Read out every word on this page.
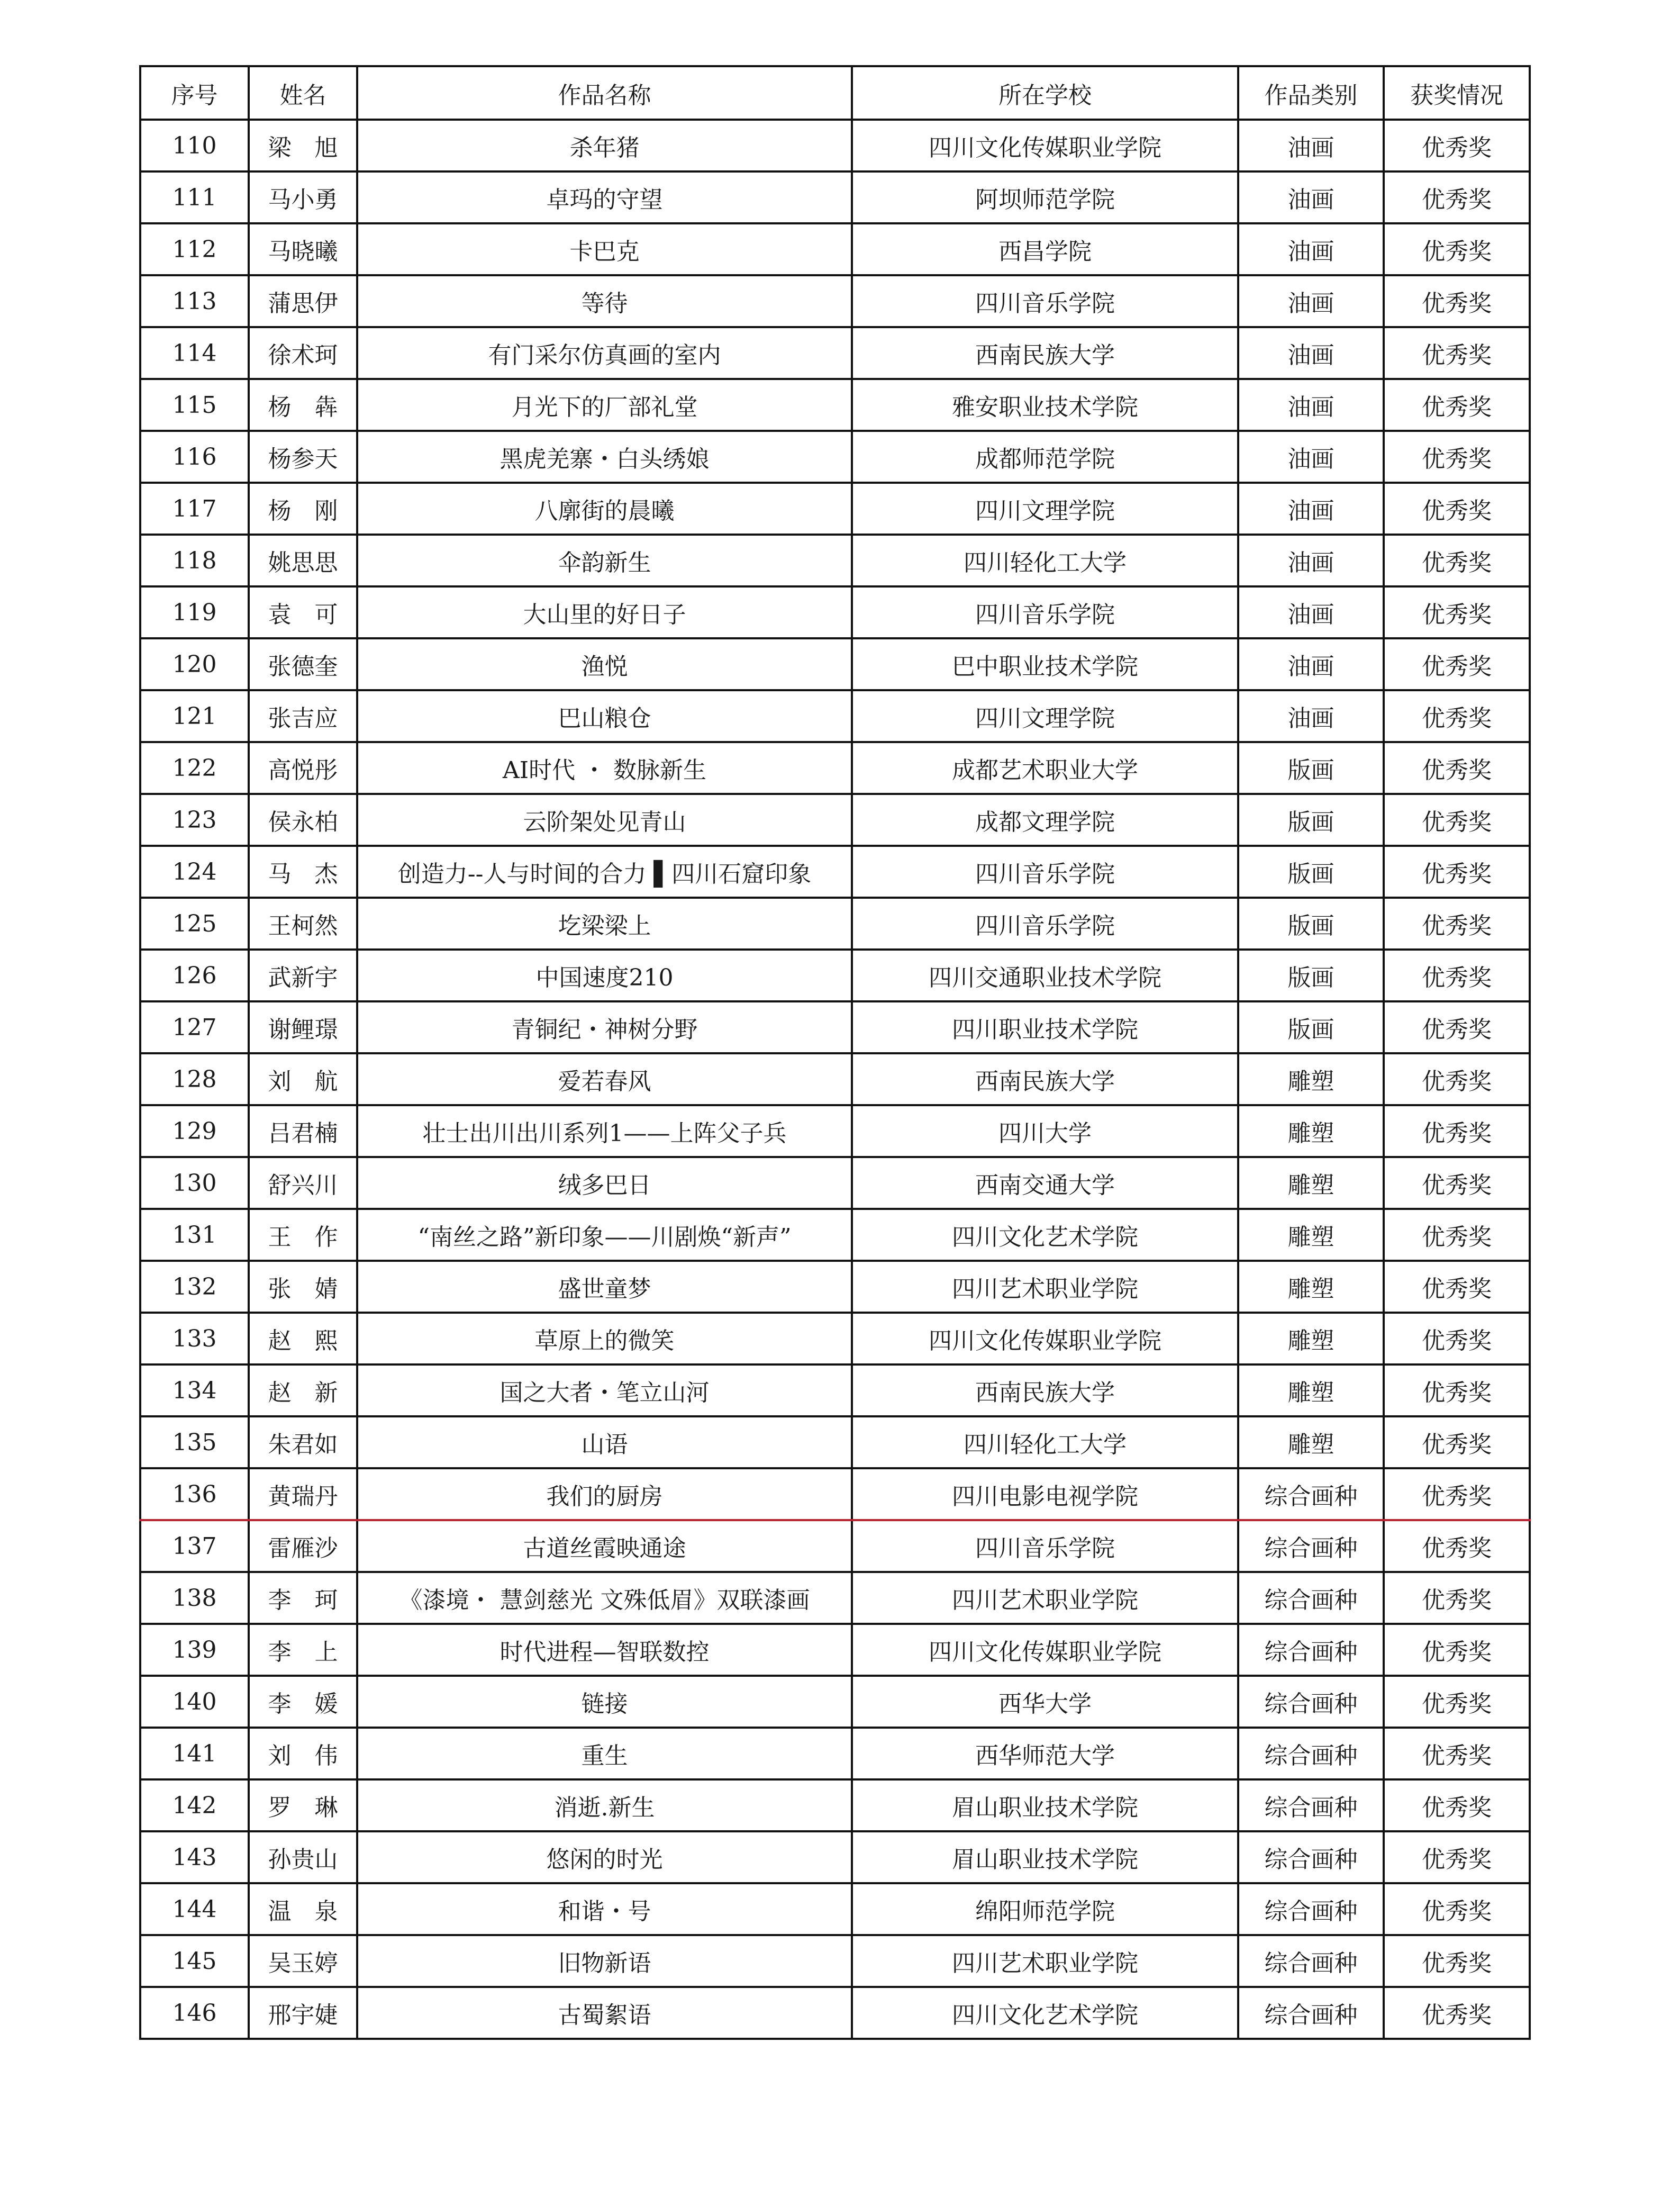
序号	姓名	作品名称	所在学校	作品类别	获奖情况
110	梁　旭	杀年猪	四川文化传媒职业学院	油画	优秀奖
111	马小勇	卓玛的守望	阿坝师范学院	油画	优秀奖
112	马晓曦	卡巴克	西昌学院	油画	优秀奖
113	蒲思伊	等待	四川音乐学院	油画	优秀奖
114	徐术珂	有门采尔仿真画的室内	西南民族大学	油画	优秀奖
115	杨　犇	月光下的厂部礼堂	雅安职业技术学院	油画	优秀奖
116	杨参天	黑虎羌寨・白头绣娘	成都师范学院	油画	优秀奖
117	杨　刚	八廓街的晨曦	四川文理学院	油画	优秀奖
118	姚思思	伞韵新生	四川轻化工大学	油画	优秀奖
119	袁　可	大山里的好日子	四川音乐学院	油画	优秀奖
120	张德奎	渔悦	巴中职业技术学院	油画	优秀奖
121	张吉应	巴山粮仓	四川文理学院	油画	优秀奖
122	高悦彤	AI时代 ・ 数脉新生	成都艺术职业大学	版画	优秀奖
123	侯永柏	云阶架处见青山	成都文理学院	版画	优秀奖
124	马　杰	创造力--人与时间的合力 ▌四川石窟印象	四川音乐学院	版画	优秀奖
125	王柯然	圪梁梁上	四川音乐学院	版画	优秀奖
126	武新宇	中国速度210	四川交通职业技术学院	版画	优秀奖
127	谢鲤璟	青铜纪・神树分野	四川职业技术学院	版画	优秀奖
128	刘　航	爱若春风	西南民族大学	雕塑	优秀奖
129	吕君楠	壮士出川出川系列1——上阵父子兵	四川大学	雕塑	优秀奖
130	舒兴川	绒多巴日	西南交通大学	雕塑	优秀奖
131	王　作	“南丝之路”新印象——川剧焕“新声”	四川文化艺术学院	雕塑	优秀奖
132	张　婧	盛世童梦	四川艺术职业学院	雕塑	优秀奖
133	赵　熙	草原上的微笑	四川文化传媒职业学院	雕塑	优秀奖
134	赵　新	国之大者・笔立山河	西南民族大学	雕塑	优秀奖
135	朱君如	山语	四川轻化工大学	雕塑	优秀奖
136	黄瑞丹	我们的厨房	四川电影电视学院	综合画种	优秀奖
137	雷雁沙	古道丝霞映通途	四川音乐学院	综合画种	优秀奖
138	李　珂	《漆境・ 慧剑慈光 文殊低眉》双联漆画	四川艺术职业学院	综合画种	优秀奖
139	李　上	时代进程—智联数控	四川文化传媒职业学院	综合画种	优秀奖
140	李　媛	链接	西华大学	综合画种	优秀奖
141	刘　伟	重生	西华师范大学	综合画种	优秀奖
142	罗　琳	消逝.新生	眉山职业技术学院	综合画种	优秀奖
143	孙贵山	悠闲的时光	眉山职业技术学院	综合画种	优秀奖
144	温　泉	和谐・号	绵阳师范学院	综合画种	优秀奖
145	吴玉婷	旧物新语	四川艺术职业学院	综合画种	优秀奖
146	邢宇婕	古蜀絮语	四川文化艺术学院	综合画种	优秀奖
